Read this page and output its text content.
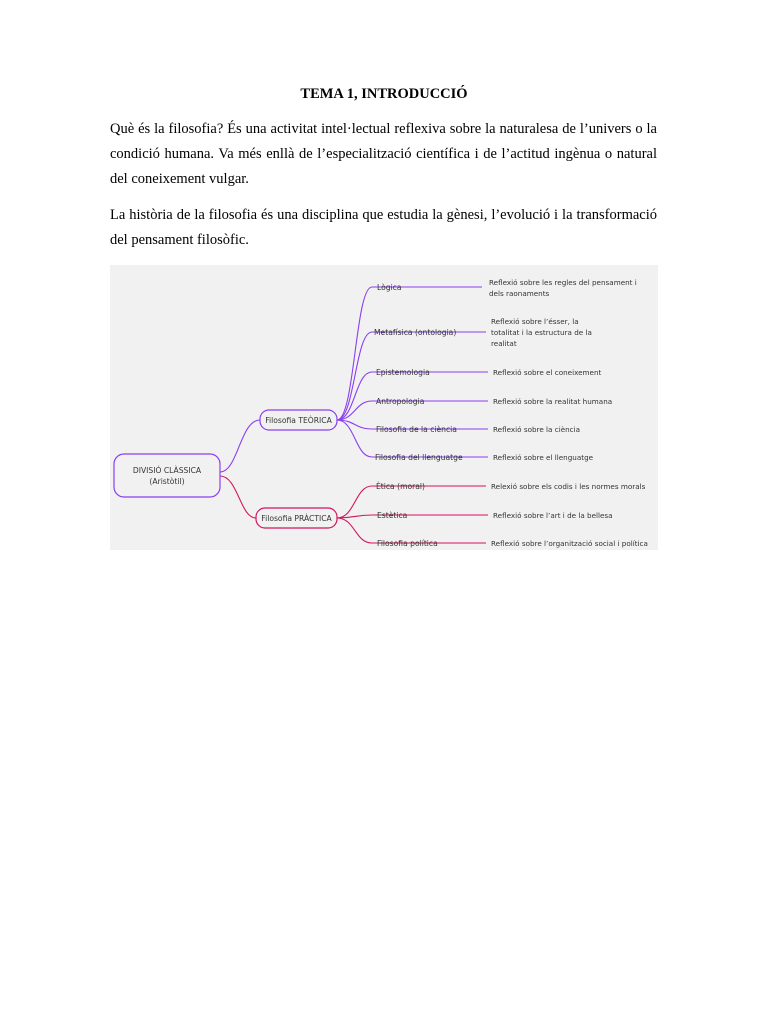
TEMA 1, INTRODUCCIÓ

Què és la filosofia? És una activitat intel·lectual reflexiva sobre la naturalesa de l’univers o la condició humana. Va més enllà de l’especialització científica i de l’actitud ingènua o natural del coneixement vulgar.

La història de la filosofia és una disciplina que estudia la gènesi, l’evolució i la transformació del pensament filosòfic.

DIVISIÓ CLÀSSICA
(Aristòtil)
Filosofia TEÒRICA
Filosofia PRÀCTICA
Lògica
Metafísica (ontologia)
Epistemologia
Antropologia
Filosofia de la ciència
Filosofia del llenguatge
Reflexió sobre les regles del pensament i
dels raonaments
Reflexió sobre l’ésser, la
totalitat i la estructura de la
realitat
Reflexió sobre el coneixement
Reflexió sobre la realitat humana
Reflexió sobre la ciència
Reflexió sobre el llenguatge
Ètica (moral)
Estètica
Filosofia política
Relexió sobre els codis i les normes morals
Reflexió sobre l’art i de la bellesa
Reflexió sobre l’organització social i política
